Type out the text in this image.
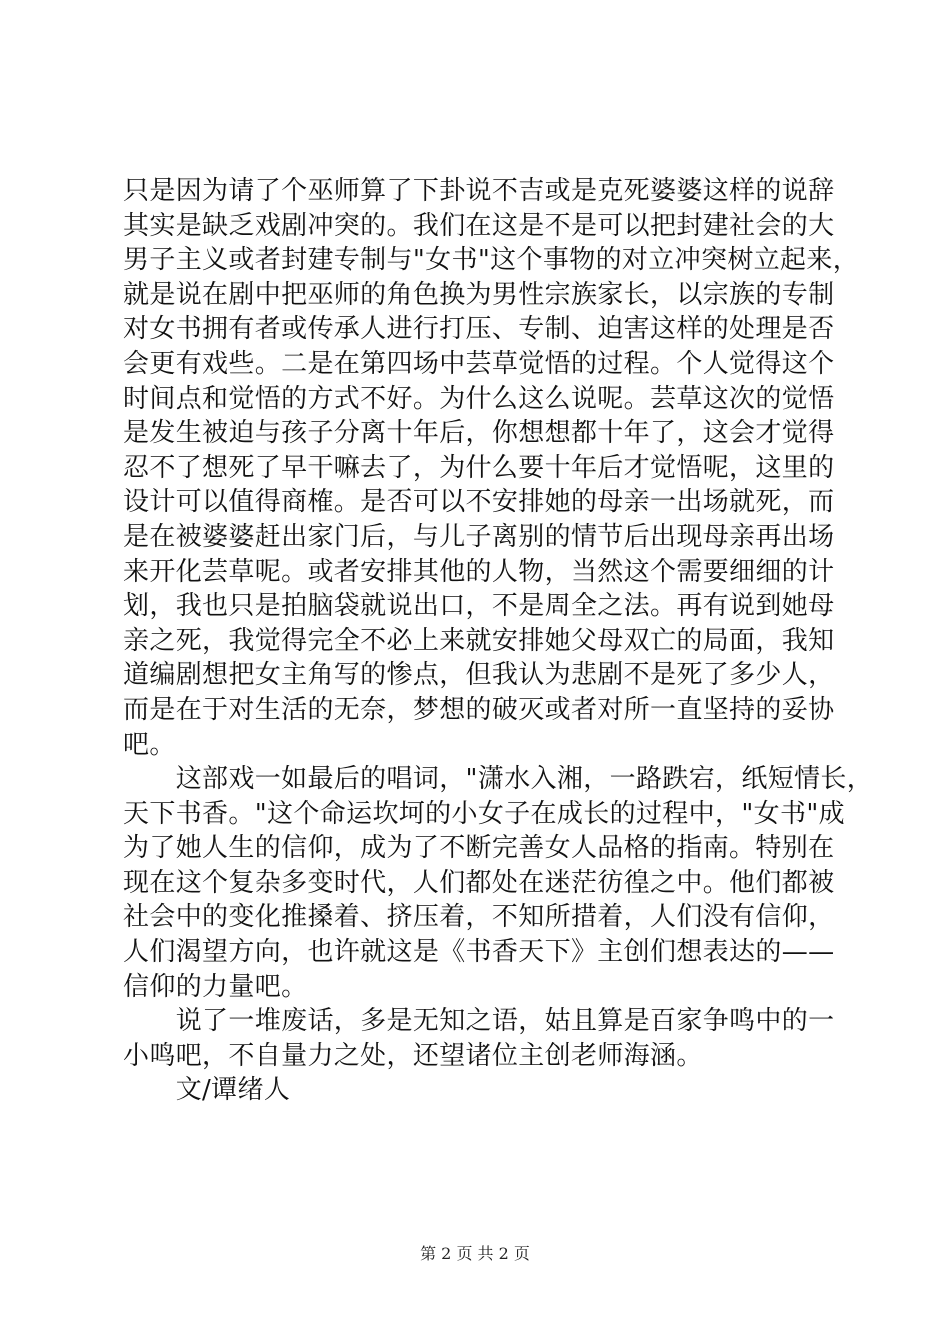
只是因为请了个巫师算了下卦说不吉或是克死婆婆这样的说辞
其实是缺乏戏剧冲突的。我们在这是不是可以把封建社会的大
男子主义或者封建专制与"女书"这个事物的对立冲突树立起来，
就是说在剧中把巫师的角色换为男性宗族家长，以宗族的专制
对女书拥有者或传承人进行打压、专制、迫害这样的处理是否
会更有戏些。二是在第四场中芸草觉悟的过程。个人觉得这个
时间点和觉悟的方式不好。为什么这么说呢。芸草这次的觉悟
是发生被迫与孩子分离十年后，你想想都十年了，这会才觉得
忍不了想死了早干嘛去了，为什么要十年后才觉悟呢，这里的
设计可以值得商榷。是否可以不安排她的母亲一出场就死，而
是在被婆婆赶出家门后，与儿子离别的情节后出现母亲再出场
来开化芸草呢。或者安排其他的人物，当然这个需要细细的计
划，我也只是拍脑袋就说出口，不是周全之法。再有说到她母
亲之死，我觉得完全不必上来就安排她父母双亡的局面，我知
道编剧想把女主角写的惨点，但我认为悲剧不是死了多少人，
而是在于对生活的无奈，梦想的破灭或者对所一直坚持的妥协
吧。
　　这部戏一如最后的唱词，"潇水入湘，一路跌宕，纸短情长，
天下书香。"这个命运坎坷的小女子在成长的过程中，"女书"成
为了她人生的信仰，成为了不断完善女人品格的指南。特别在
现在这个复杂多变时代，人们都处在迷茫彷徨之中。他们都被
社会中的变化推搡着、挤压着，不知所措着，人们没有信仰，
人们渴望方向，也许就这是《书香天下》主创们想表达的——
信仰的力量吧。
　　说了一堆废话，多是无知之语，姑且算是百家争鸣中的一
小鸣吧，不自量力之处，还望诸位主创老师海涵。
　　文/谭绪人
第 2 页 共 2 页
